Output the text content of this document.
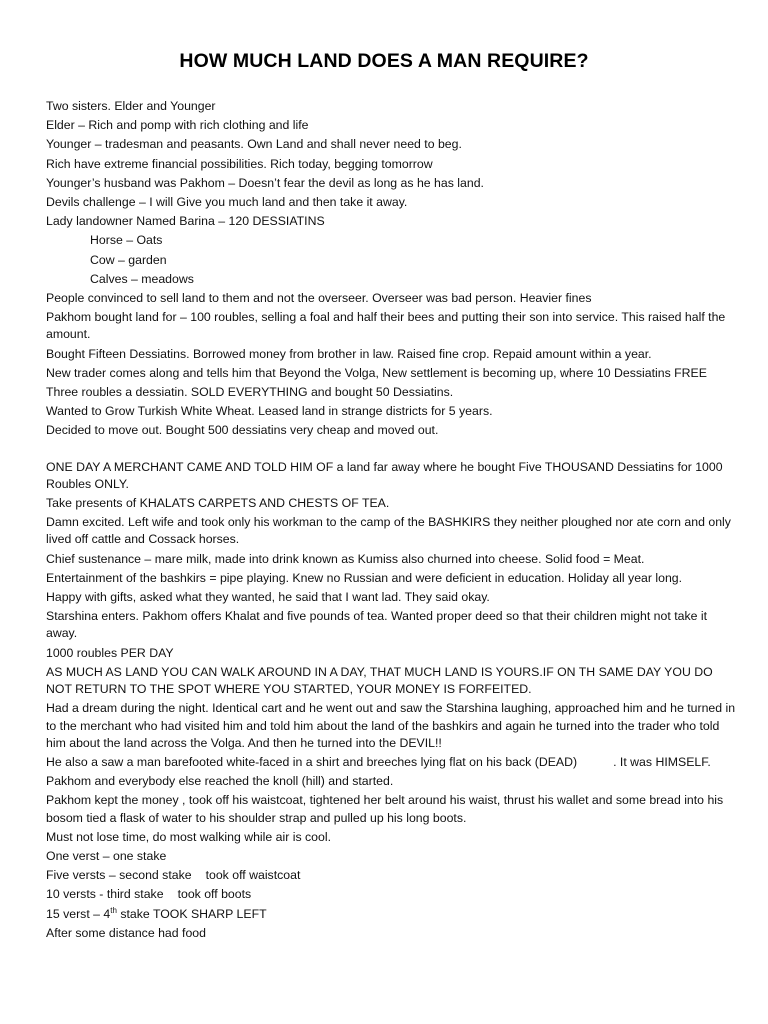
HOW MUCH LAND DOES A MAN REQUIRE?
Two sisters. Elder and Younger
Elder – Rich and pomp with rich clothing and life
Younger – tradesman and peasants. Own Land and shall never need to beg.
Rich have extreme financial possibilities. Rich today, begging tomorrow
Younger’s husband was Pakhom – Doesn’t fear the devil as long as he has land.
Devils challenge – I will Give you much land and then take it away.
Lady landowner Named Barina – 120 DESSIATINS
Horse – Oats
Cow – garden
Calves – meadows
People convinced to sell land to them and not the overseer. Overseer was bad person. Heavier fines
Pakhom bought land for – 100 roubles, selling a foal and half their bees and putting their son into service. This raised half the amount.
Bought Fifteen Dessiatins. Borrowed money from brother in law. Raised fine crop. Repaid amount within a year.
New trader comes along and tells him that Beyond the Volga, New settlement is becoming up, where 10 Dessiatins FREE
Three roubles a dessiatin. SOLD EVERYTHING and bought 50 Dessiatins.
Wanted to Grow Turkish White Wheat. Leased land in strange districts for 5 years.
Decided to move out. Bought 500 dessiatins very cheap and moved out.
ONE DAY A MERCHANT CAME AND TOLD HIM OF a land far away where he bought Five THOUSAND Dessiatins for 1000 Roubles ONLY.
Take presents of KHALATS CARPETS AND CHESTS OF TEA.
Damn excited. Left wife and took only his workman to the camp of the BASHKIRS they neither ploughed nor ate corn and only lived off cattle and Cossack horses.
Chief sustenance – mare milk, made into drink known as Kumiss also churned into cheese. Solid food = Meat.
Entertainment of the bashkirs = pipe playing. Knew no Russian and were deficient in education. Holiday all year long.
Happy with gifts, asked what they wanted, he said that I want lad. They said okay.
Starshina enters. Pakhom offers Khalat and five pounds of tea. Wanted proper deed so that their children might not take it away.
1000 roubles PER DAY
AS MUCH AS LAND YOU CAN WALK AROUND IN A DAY, THAT MUCH LAND IS YOURS.IF ON TH SAME DAY YOU DO NOT RETURN TO THE SPOT WHERE YOU STARTED, YOUR MONEY IS FORFEITED.
Had a dream during the night. Identical cart and he went out and saw the Starshina laughing, approached him and he turned in to the merchant who had visited him and told him about the land of the bashkirs and again he turned into the trader who told him about the land across the Volga. And then he turned into the DEVIL!!
He also a saw a man barefooted white-faced in a shirt and breeches lying flat on his back (DEAD)	. It was HIMSELF.
Pakhom and everybody else reached the knoll (hill) and started.
Pakhom kept the money , took off his waistcoat, tightened her belt around his waist, thrust his wallet and some bread into his bosom tied a flask of water to his shoulder strap and pulled up his long boots.
Must not lose time, do most walking while air is cool.
One verst – one stake
Five versts – second stake took off waistcoat
10 versts - third stake took off boots
15 verst – 4th stake TOOK SHARP LEFT
After some distance had food
